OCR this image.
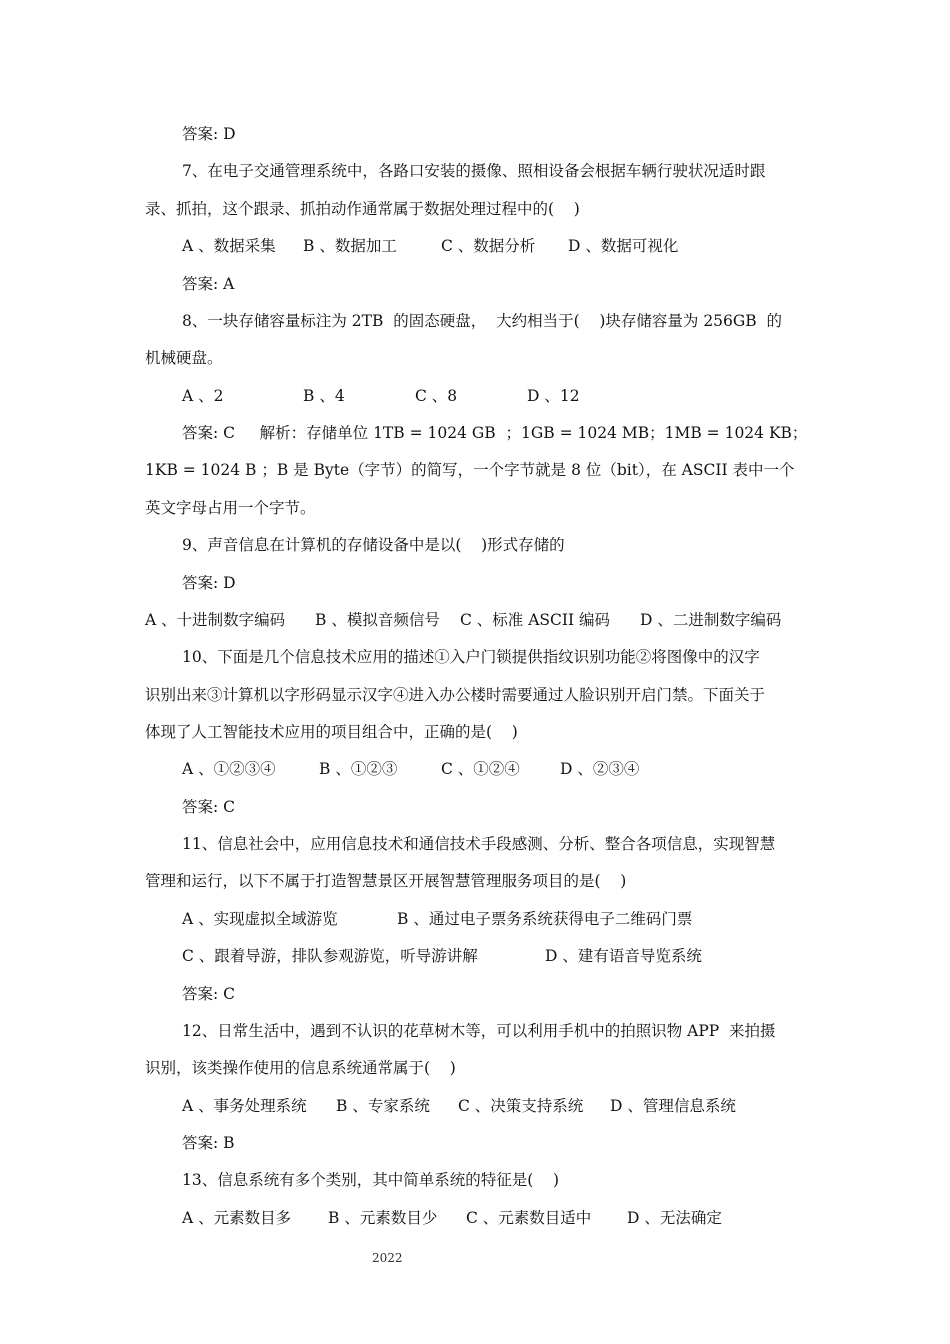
答案: D
7、在电子交通管理系统中，各路口安装的摄像、照相设备会根据车辆行驶状况适时跟
录、抓拍，这个跟录、抓拍动作通常属于数据处理过程中的(    )
A 、数据采集 B 、数据加工	C 、数据分析 D 、数据可视化
答案: A
8、一块存储容量标注为 2TB  的固态硬盘，  大约相当于(    )块存储容量为 256GB  的
机械硬盘。
A 、2	B 、4	C 、8	D 、12
答案: C     解析：存储单位 1TB = 1024 GB  ；1GB = 1024 MB；1MB = 1024 KB；
1KB = 1024 B ；B 是 Byte（字节）的简写，一个字节就是 8 位（bit），在 ASCII 表中一个
英文字母占用一个字节。
9、声音信息在计算机的存储设备中是以(    )形式存储的
答案: D
A 、十进制数字编码 B 、模拟音频信号 C 、标准 ASCII 编码 D 、二进制数字编码
10、下面是几个信息技术应用的描述①入户门锁提供指纹识别功能②将图像中的汉字
识别出来③计算机以字形码显示汉字④进入办公楼时需要通过人脸识别开启门禁。下面关于
体现了人工智能技术应用的项目组合中，正确的是(    )
A 、①②③④	B 、①②③	C 、①②④	D 、②③④
答案: C
11、信息社会中，应用信息技术和通信技术手段感测、分析、整合各项信息，实现智慧
管理和运行，以下不属于打造智慧景区开展智慧管理服务项目的是(    )
A 、实现虚拟全域游览	B 、通过电子票务系统获得电子二维码门票
C 、跟着导游，排队参观游览，听导游讲解	D 、建有语音导览系统
答案: C
12、日常生活中，遇到不认识的花草树木等，可以利用手机中的拍照识物 APP  来拍摄
识别，该类操作使用的信息系统通常属于(    )
A 、事务处理系统 B 、专家系统 C 、决策支持系统 D 、管理信息系统
答案: B
13、信息系统有多个类别，其中简单系统的特征是(    )
A 、元素数目多 B 、元素数目少 C 、元素数目适中 D 、无法确定
2022
